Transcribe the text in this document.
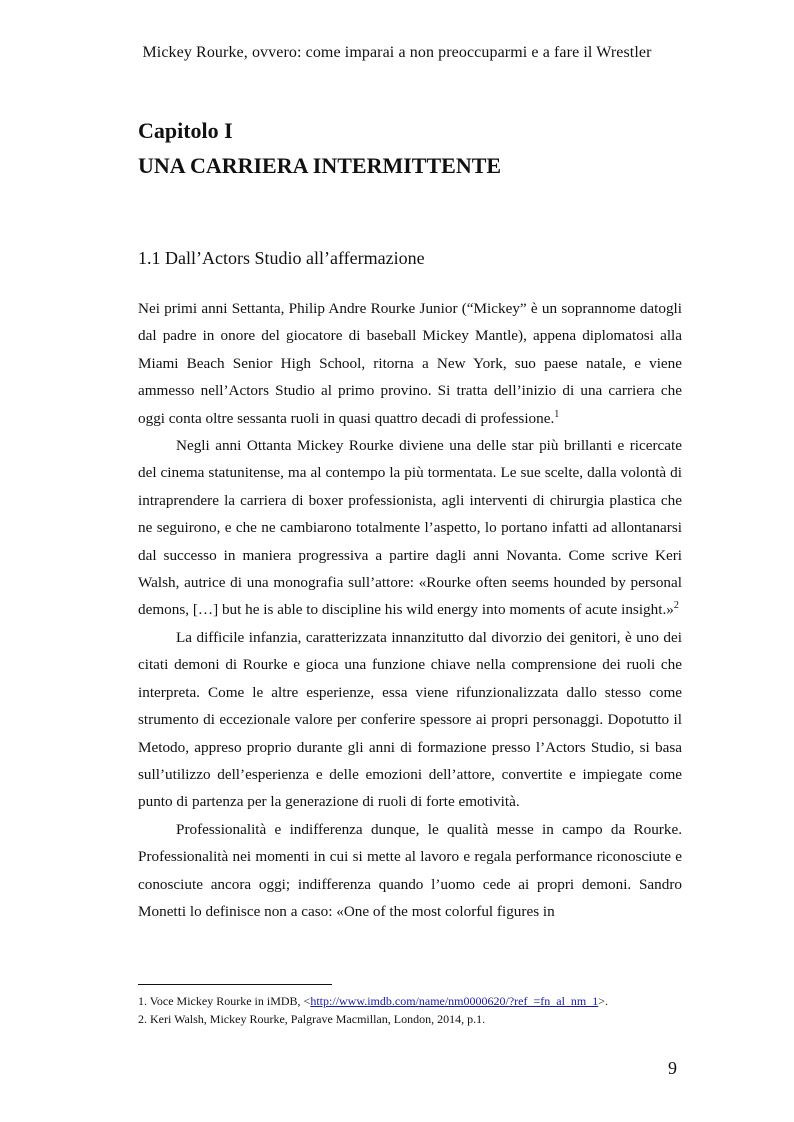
Mickey Rourke, ovvero: come imparai a non preoccuparmi e a fare il Wrestler
Capitolo I
UNA CARRIERA INTERMITTENTE
1.1 Dall’Actors Studio all’affermazione

Nei primi anni Settanta, Philip Andre Rourke Junior (“Mickey” è un soprannome datogli dal padre in onore del giocatore di baseball Mickey Mantle), appena diplomatosi alla Miami Beach Senior High School, ritorna a New York, suo paese natale, e viene ammesso nell’Actors Studio al primo provino. Si tratta dell’inizio di una carriera che oggi conta oltre sessanta ruoli in quasi quattro decadi di professione.$^1$

Negli anni Ottanta Mickey Rourke diviene una delle star più brillanti e ricercate del cinema statunitense, ma al contempo la più tormentata. Le sue scelte, dalla volontà di intraprendere la carriera di boxer professionista, agli interventi di chirurgia plastica che ne seguirono, e che ne cambiarono totalmente l’aspetto, lo portano infatti ad allontanarsi dal successo in maniera progressiva a partire dagli anni Novanta. Come scrive Keri Walsh, autrice di una monografia sull’attore: «Rourke often seems hounded by personal demons, […] but he is able to discipline his wild energy into moments of acute insight.»$^2$

La difficile infanzia, caratterizzata innanzitutto dal divorzio dei genitori, è uno dei citati demoni di Rourke e gioca una funzione chiave nella comprensione dei ruoli che interpreta. Come le altre esperienze, essa viene rifunzionalizzata dallo stesso come strumento di eccezionale valore per conferire spessore ai propri personaggi. Dopotutto il Metodo, appreso proprio durante gli anni di formazione presso l’Actors Studio, si basa sull’utilizzo dell’esperienza e delle emozioni dell’attore, convertite e impiegate come punto di partenza per la generazione di ruoli di forte emotività.

Professionalità e indifferenza dunque, le qualità messe in campo da Rourke. Professionalità nei momenti in cui si mette al lavoro e regala performance riconosciute e conosciute ancora oggi; indifferenza quando l’uomo cede ai propri demoni. Sandro Monetti lo definisce non a caso: «One of the most colorful figures in

1. Voce Mickey Rourke in iMDB, <http://www.imdb.com/name/nm0000620/?ref_=fn_al_nm_1>.

2. Keri Walsh, Mickey Rourke, Palgrave Macmillan, London, 2014, p.1.

9
